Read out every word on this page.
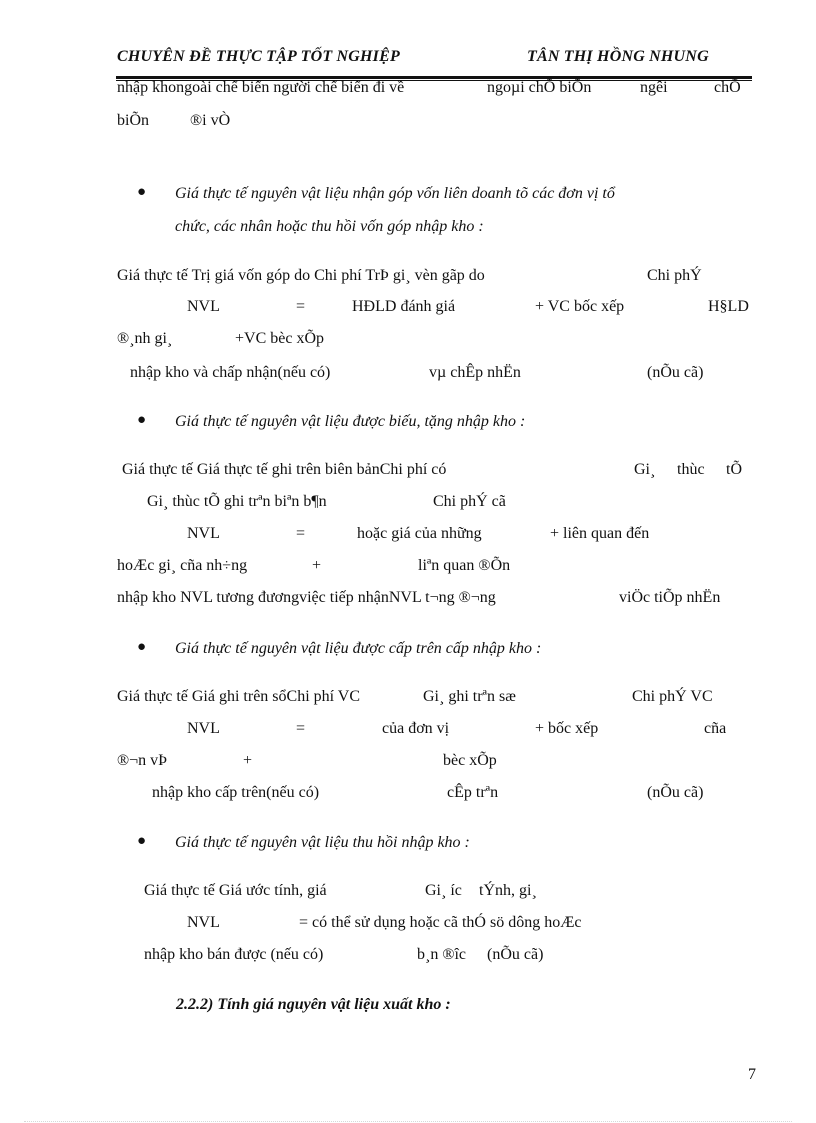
CHUYÊN ĐỀ THỰC TẬP TỐT NGHIỆP	TÂN THỊ HỒNG NHUNG
nhập khongoài chế biến người chế biến đi về	ngoµi chÕ biÕn	ngêi	chÕ
biÕn	®i vÒ
● Giá thực tế nguyên vật liệu nhận góp vốn liên doanh tõ các đơn vị tổ
chức, các nhân hoặc thu hồi vốn góp nhập kho :
Giá thực tế Trị giá vốn góp do Chi phí TrÞ gi¸ vèn gãp do	Chi phÝ
NVL	=	HĐLD đánh giá	+ VC bốc xếp	H§LD
®¸nh gi¸	+VC bèc xÕp
nhập kho và chấp nhận(nếu có)	vµ chÊp nhËn	(nÕu cã)
● Giá thực tế nguyên vật liệu được biếu, tặng nhập kho :
Giá thực tế Giá thực tế ghi trên biên bảnChi phí có	Gi¸ thùc tÕ
Gi¸ thùc tÕ ghi trªn biªn b¶n	Chi phÝ cã
NVL	=	hoặc giá của những	+ liên quan đến
hoÆc gi¸ cña nh÷ng	+	liªn quan ®Õn
nhập kho NVL tương đươngviệc tiếp nhậnNVL t¬ng ®¬ng	viÖc tiÕp nhËn
● Giá thực tế nguyên vật liệu được cấp trên cấp nhập kho :
Giá thực tế Giá ghi trên sổChi phí VC	Gi¸ ghi trªn sæ	Chi phÝ VC
NVL	=	của đơn vị	+ bốc xếp	cña
®¬n vÞ	+	bèc xÕp
nhập kho cấp trên(nếu có)	cÊp trªn	(nÕu cã)
● Giá thực tế nguyên vật liệu thu hồi nhập kho :
Giá thực tế Giá ước tính, giá	Gi¸ íc tÝnh, gi¸
NVL	= có thể sử dụng hoặc cã thÓ sö dông hoÆc
nhập kho bán được (nếu có)	b¸n ®îc (nÕu cã)
2.2.2) Tính giá nguyên vật liệu xuất kho :
7
